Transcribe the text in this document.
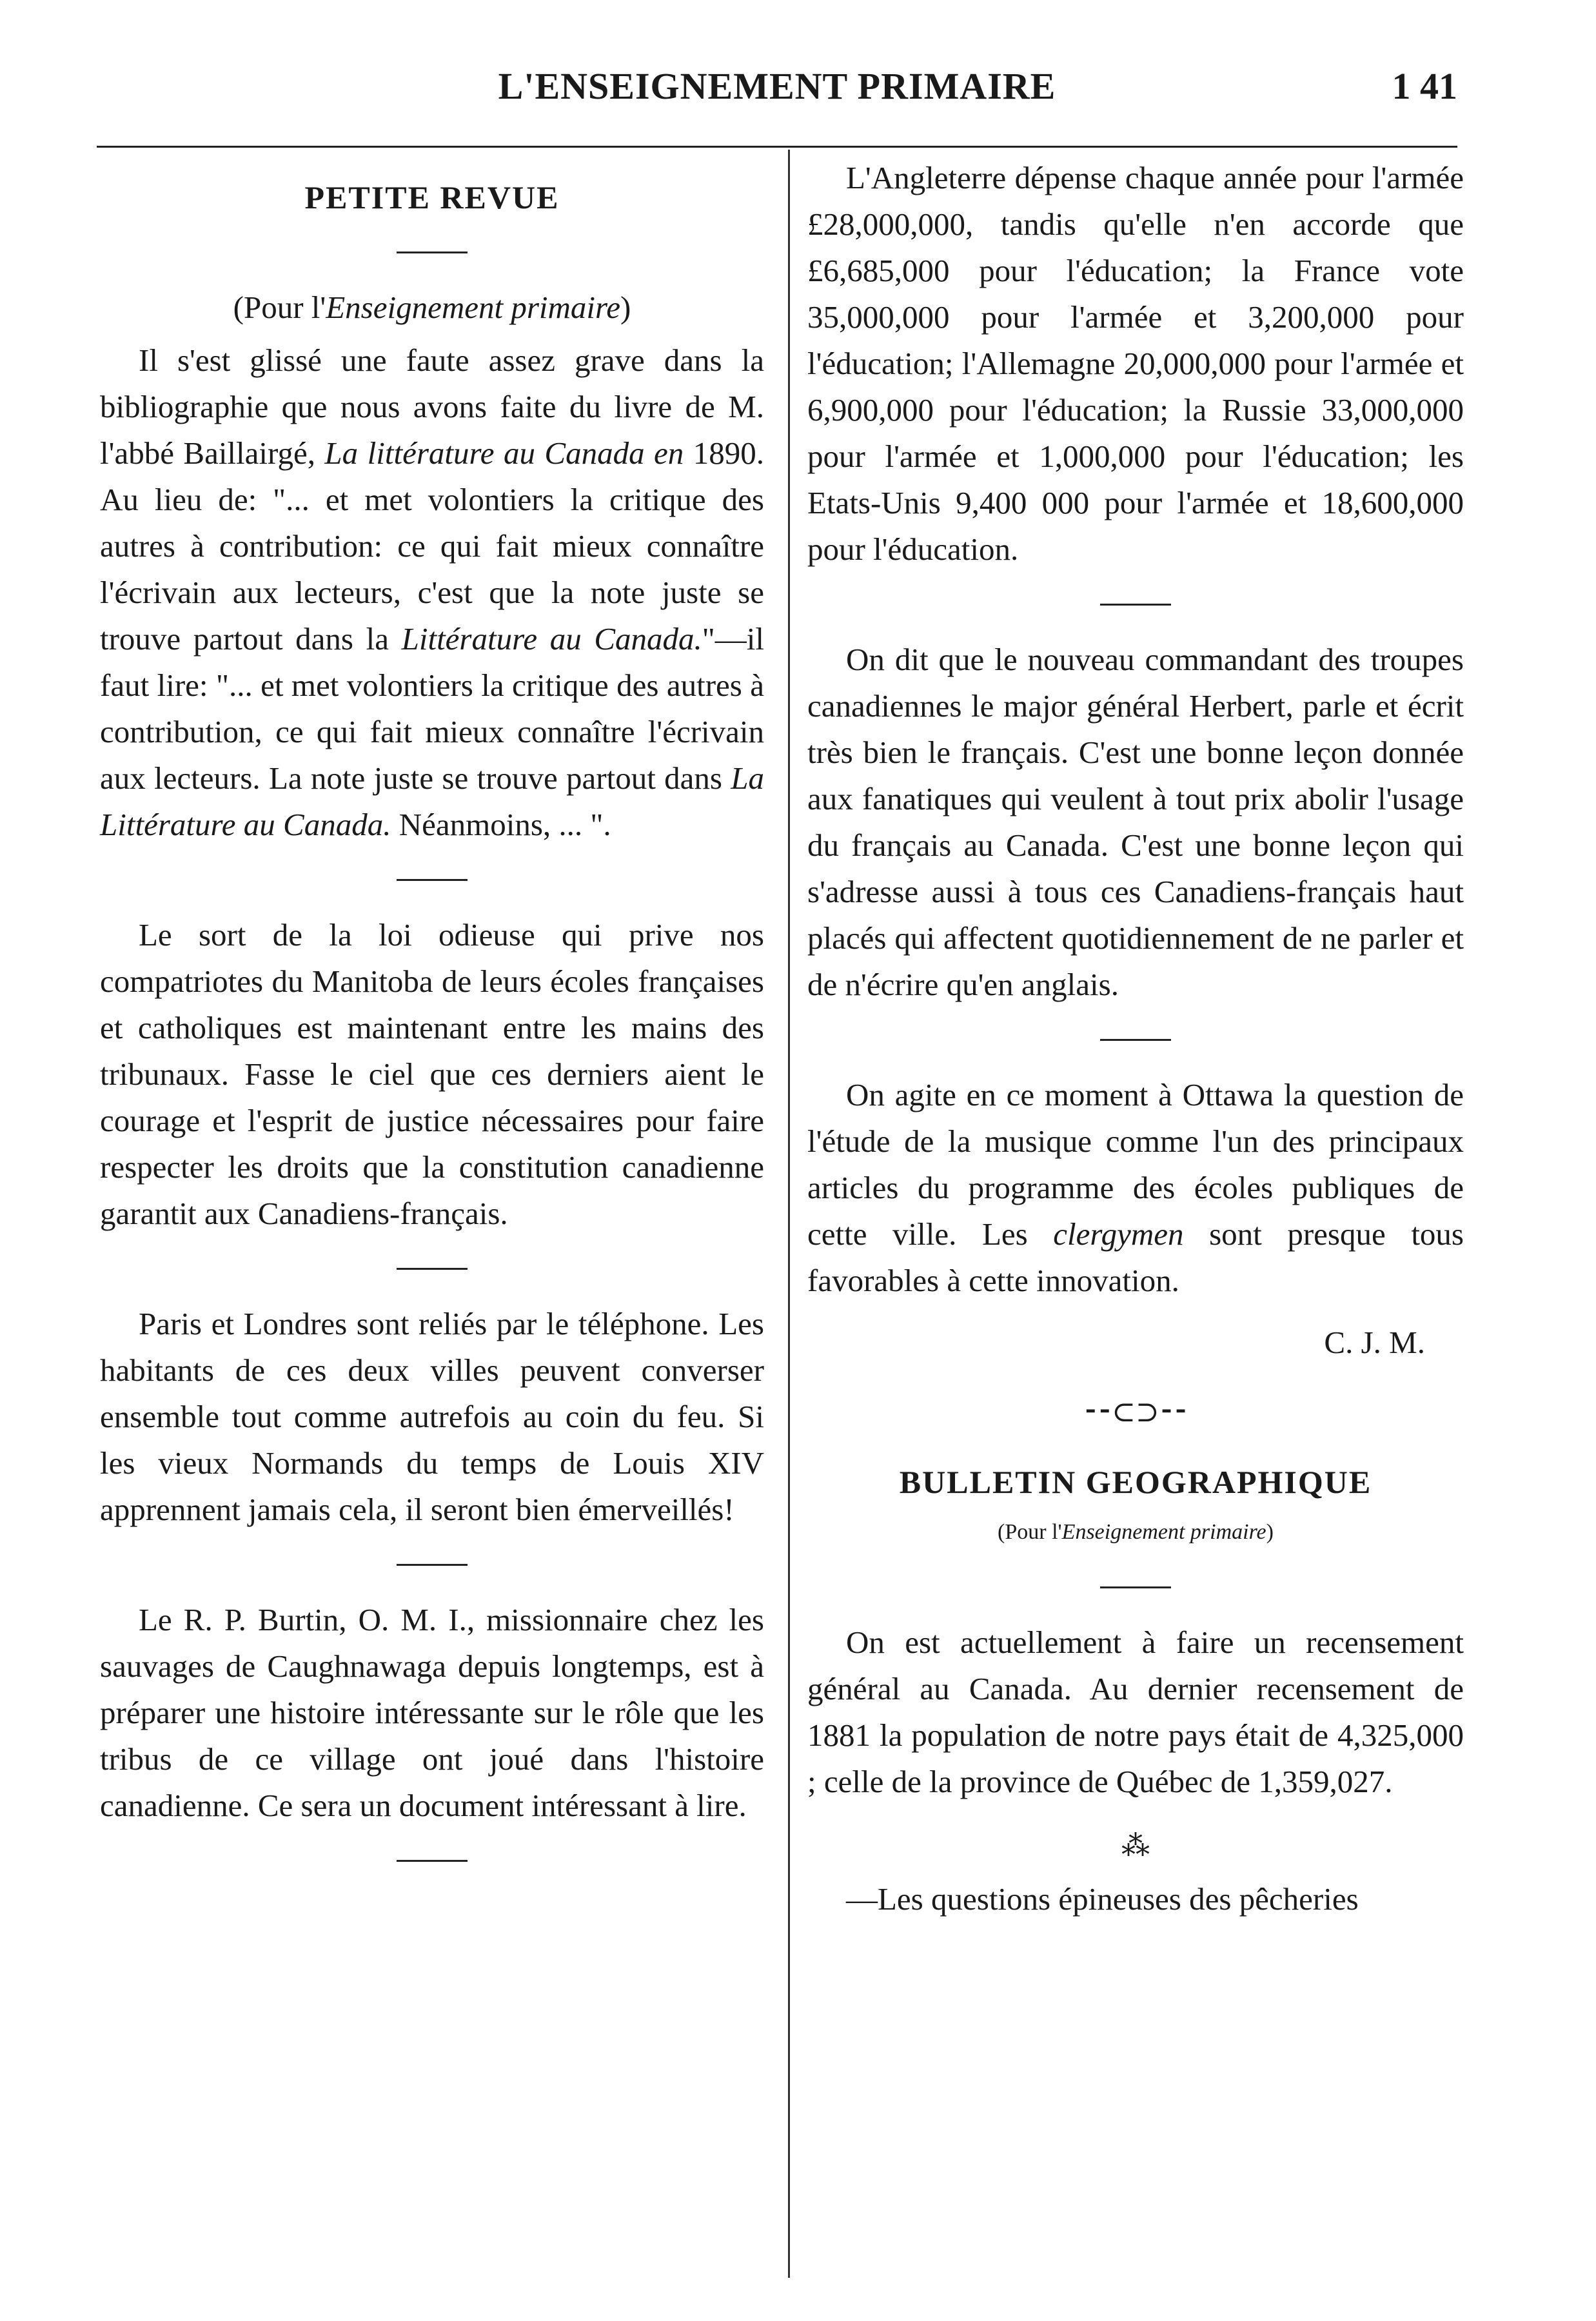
L'ENSEIGNEMENT PRIMAIRE	1 41
PETITE REVUE
(Pour l'Enseignement primaire)

Il s'est glissé une faute assez grave dans la bibliographie que nous avons faite du livre de M. l'abbé Baillairgé, La littérature au Canada en 1890. Au lieu de: "... et met volontiers la critique des autres à contribution: ce qui fait mieux connaître l'écrivain aux lecteurs, c'est que la note juste se trouve partout dans la Littérature au Canada."—il faut lire: "... et met volontiers la critique des autres à contribution, ce qui fait mieux connaître l'écrivain aux lecteurs. La note juste se trouve partout dans La Littérature au Canada. Néanmoins, ... ".

Le sort de la loi odieuse qui prive nos compatriotes du Manitoba de leurs écoles françaises et catholiques est maintenant entre les mains des tribunaux. Fasse le ciel que ces derniers aient le courage et l'esprit de justice nécessaires pour faire respecter les droits que la constitution canadienne garantit aux Canadiens-français.

Paris et Londres sont reliés par le téléphone. Les habitants de ces deux villes peuvent converser ensemble tout comme autrefois au coin du feu. Si les vieux Normands du temps de Louis XIV apprennent jamais cela, il seront bien émerveillés!

Le R. P. Burtin, O. M. I., missionnaire chez les sauvages de Caughnawaga depuis longtemps, est à préparer une histoire intéressante sur le rôle que les tribus de ce village ont joué dans l'histoire canadienne. Ce sera un document intéressant à lire.

L'Angleterre dépense chaque année pour l'armée £28,000,000, tandis qu'elle n'en accorde que £6,685,000 pour l'éducation; la France vote 35,000,000 pour l'armée et 3,200,000 pour l'éducation; l'Allemagne 20,000,000 pour l'armée et 6,900,000 pour l'éducation; la Russie 33,000,000 pour l'armée et 1,000,000 pour l'éducation; les Etats-Unis 9,400 000 pour l'armée et 18,600,000 pour l'éducation.

On dit que le nouveau commandant des troupes canadiennes le major général Herbert, parle et écrit très bien le français. C'est une bonne leçon donnée aux fanatiques qui veulent à tout prix abolir l'usage du français au Canada. C'est une bonne leçon qui s'adresse aussi à tous ces Canadiens-français haut placés qui affectent quotidiennement de ne parler et de n'écrire qu'en anglais.

On agite en ce moment à Ottawa la question de l'étude de la musique comme l'un des principaux articles du programme des écoles publiques de cette ville. Les clergymen sont presque tous favorables à cette innovation.

C. J. M.
⁃⁃⊂⊃⁃⁃
BULLETIN GEOGRAPHIQUE
(Pour l'Enseignement primaire)

On est actuellement à faire un recensement général au Canada. Au dernier recensement de 1881 la population de notre pays était de 4,325,000 ; celle de la province de Québec de 1,359,027.

⁂

—Les questions épineuses des pêcheries
